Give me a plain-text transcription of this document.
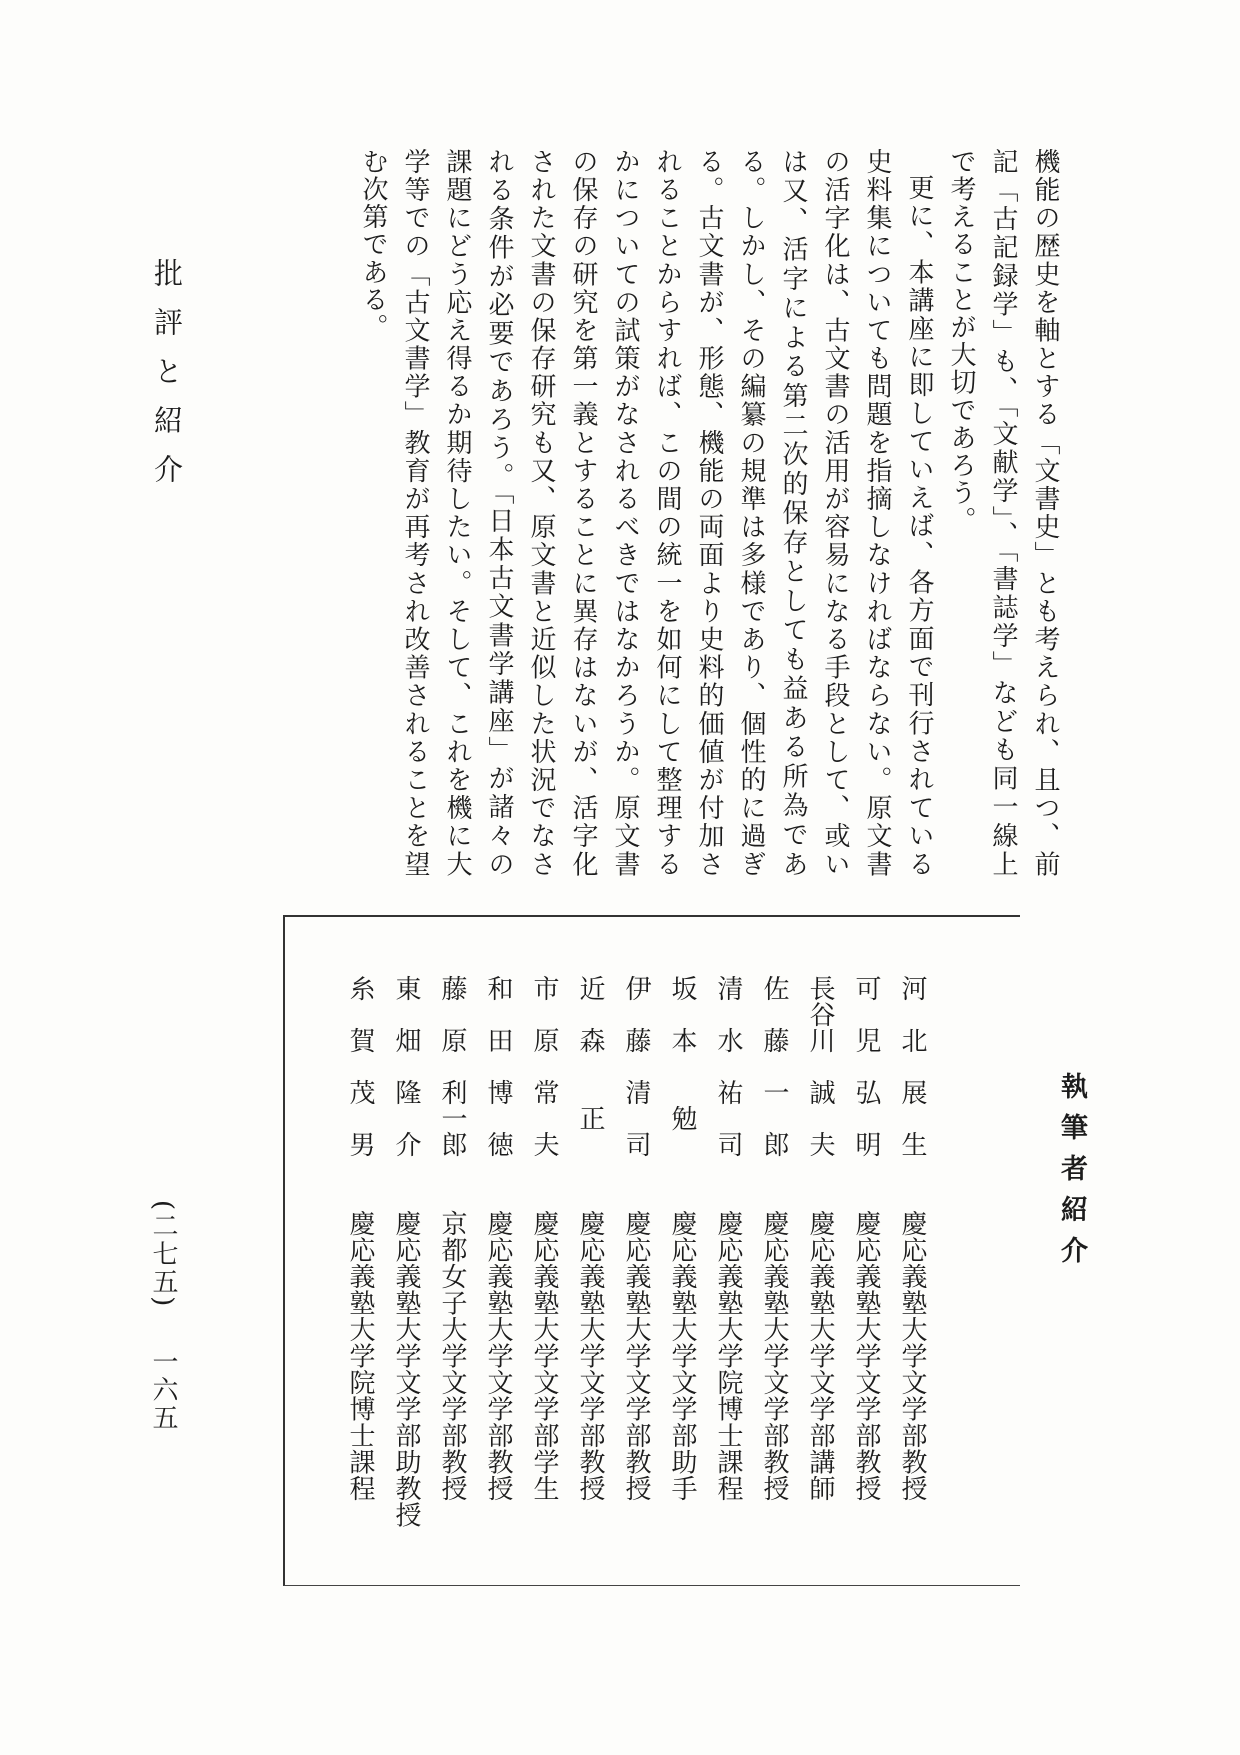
批評と紹介
(二七五)一六五

機能の歴史を軸とする「文書史」とも考えられ、且つ、前記「古記録学」も、「文献学」、「書誌学」なども同一線上で考えることが大切であろう。

更に、本講座に即していえば、各方面で刊行されている史料集についても問題を指摘しなければならない。原文書の活字化は、古文書の活用が容易になる手段として、或いは又、活字による第二次的保存としても益ある所為である。しかし、その編纂の規準は多様であり、個性的に過ぎる。古文書が、形態、機能の両面より史料的価値が付加されることからすれば、この間の統一を如何にして整理するかについての試策がなされるべきではなかろうか。原文書の保存の研究を第一義とすることに異存はないが、活字化された文書の保存研究も又、原文書と近似した状況でなされる条件が必要であろう。「日本古文書学講座」が諸々の課題にどう応え得るか期待したい。そして、これを機に大学等での「古文書学」教育が再考され改善されることを望む次第である。

執筆者紹介
河　北　展　生
慶応義塾大学文学部教授
可　児　弘　明
慶応義塾大学文学部教授
長谷川　誠　夫
慶応義塾大学文学部講師
佐　藤　一　郎
慶応義塾大学文学部教授
清　水　祐　司
慶応義塾大学院博士課程
坂　本　　勉
慶応義塾大学文学部助手
伊　藤　清　司
慶応義塾大学文学部教授
近　森　　正
慶応義塾大学文学部教授
市　原　常　夫
慶応義塾大学文学部学生
和　田　博　徳
慶応義塾大学文学部教授
藤　原　利一郎
京都女子大学文学部教授
東　畑　隆　介
慶応義塾大学文学部助教授
糸　賀　茂　男
慶応義塾大学院博士課程
